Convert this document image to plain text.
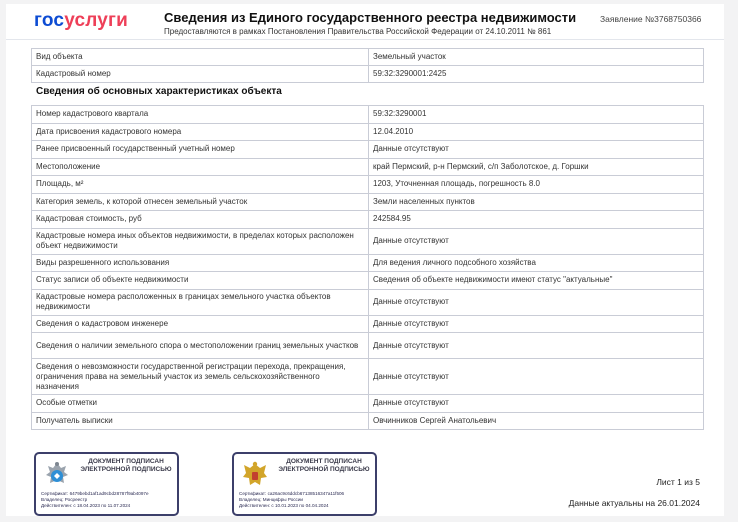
госуслуги	Сведения из Единого государственного реестра недвижимости
Предоставляются в рамках Постановления Правительства Российской Федерации от 24.10.2011 № 861
Заявление №3768750366
Вид объекта	Земельный участок
Кадастровый номер	59:32:3290001:2425
Сведения об основных характеристиках объекта
Номер кадастрового квартала	59:32:3290001
Дата присвоения кадастрового номера	12.04.2010
Ранее присвоенный государственный учетный номер	Данные отсутствуют
Местоположение	край Пермский, р-н Пермский, с/п Заболотское, д. Горшки
Площадь, м²	1203, Уточненная площадь, погрешность 8.0
Категория земель, к которой отнесен земельный участок	Земли населенных пунктов
Кадастровая стоимость, руб	242584.95
Кадастровые номера иных объектов недвижимости, в пределах которых расположен объект недвижимости	Данные отсутствуют
Виды разрешенного использования	Для ведения личного подсобного хозяйства
Статус записи об объекте недвижимости	Сведения об объекте недвижимости имеют статус "актуальные"
Кадастровые номера расположенных в границах земельного участка объектов недвижимости	Данные отсутствуют
Сведения о кадастровом инженере	Данные отсутствуют
Сведения о наличии земельного спора о местоположении границ земельных участков	Данные отсутствуют
Сведения о невозможности государственной регистрации перехода, прекращения, ограничения права на земельный участок из земель сельскохозяйственного назначения	Данные отсутствуют
Особые отметки	Данные отсутствуют
Получатель выписки	Овчинников Сергей Анатольевич
ДОКУМЕНТ ПОДПИСАН ЭЛЕКТРОННОЙ ПОДПИСЬЮ
Сертификат: 6479bebd1af1ad9cbd28787f9ab4097e
Владелец: Росреестр
Действителен: с 18.04.2023 по 11.07.2024
ДОКУМЕНТ ПОДПИСАН ЭЛЕКТРОННОЙ ПОДПИСЬЮ
Сертификат: ca26ac9c6ddcb67138516347a11f506
Владелец: Минцифры России
Действителен: с 10.01.2023 по 04.04.2024
Лист 1 из 5
Данные актуальны на 26.01.2024
